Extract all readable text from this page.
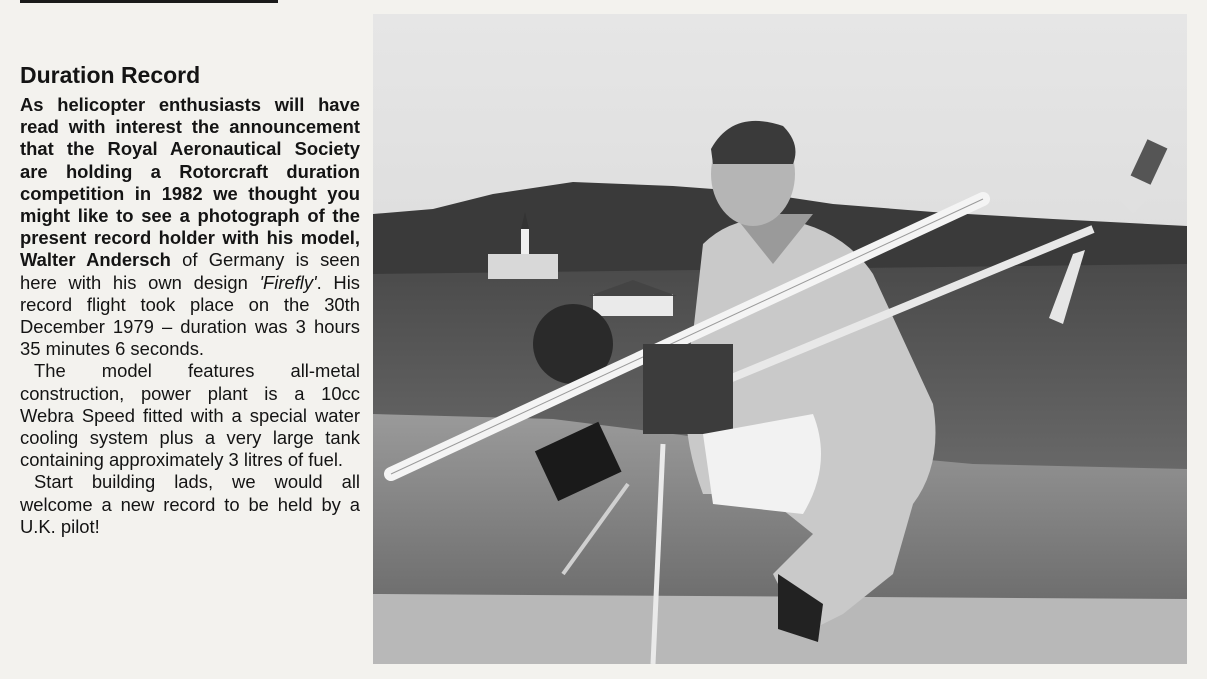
Duration Record

As helicopter enthusiasts will have read with interest the announcement that the Royal Aeronautical Society are holding a Rotorcraft duration competition in 1982 we thought you might like to see a photograph of the present record holder with his model, Walter Andersch of Germany is seen here with his own design 'Firefly'. His record flight took place on the 30th December 1979 – duration was 3 hours 35 minutes 6 seconds.

The model features all-metal construction, power plant is a 10cc Webra Speed fitted with a special water cooling system plus a very large tank containing approximately 3 litres of fuel.

Start building lads, we would all welcome a new record to be held by a U.K. pilot!
